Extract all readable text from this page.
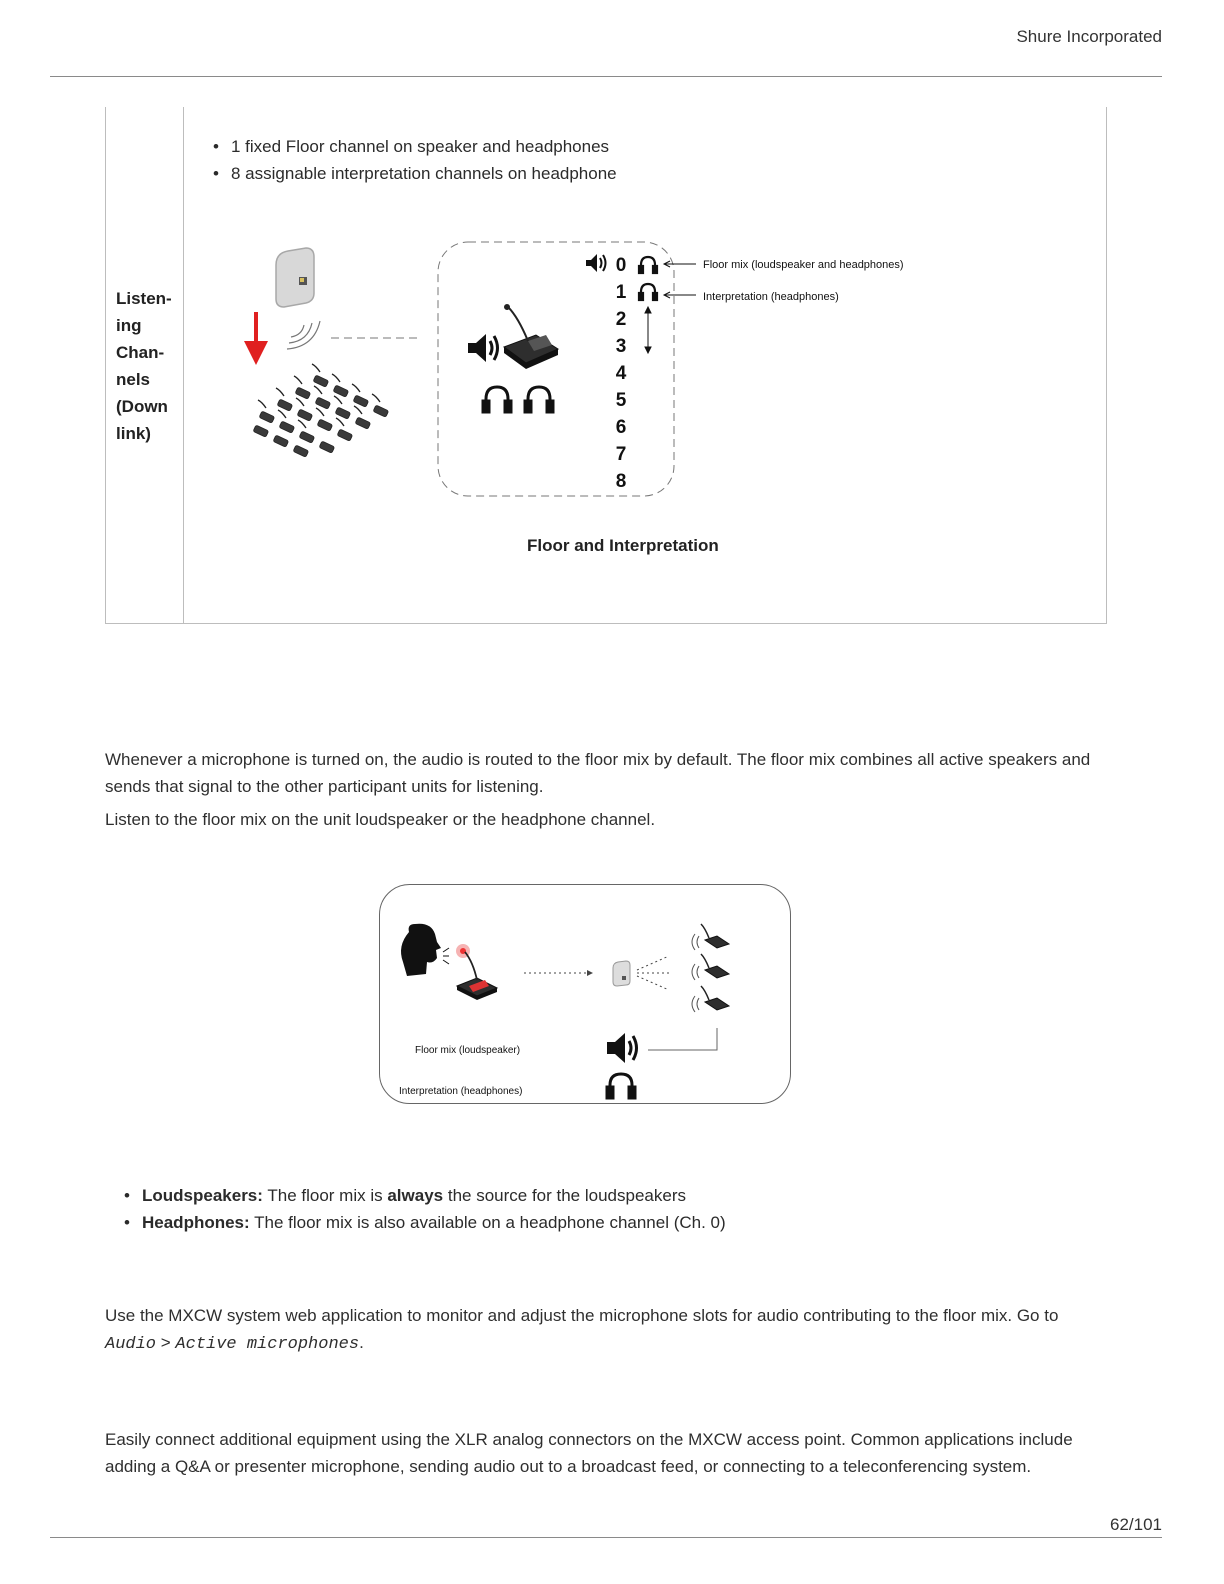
Shure Incorporated
Listen-
ing
Chan-
nels
(Down
link)
• 1 fixed Floor channel on speaker and headphones
• 8 assignable interpretation channels on headphone
0
1
2
3
4
5
6
7
8
Floor mix (loudspeaker and headphones)
Interpretation (headphones)
Floor and Interpretation

Whenever a microphone is turned on, the audio is routed to the floor mix by default. The floor mix combines all active speakers and sends that signal to the other participant units for listening.

Listen to the floor mix on the unit loudspeaker or the headphone channel.

Floor mix (loudspeaker)
Interpretation (headphones)
• Loudspeakers: The floor mix is always the source for the loudspeakers
• Headphones: The floor mix is also available on a headphone channel (Ch. 0)

Use the MXCW system web application to monitor and adjust the microphone slots for audio contributing to the floor mix. Go to
Audio > Active microphones.

Easily connect additional equipment using the XLR analog connectors on the MXCW access point. Common applications include adding a Q&A or presenter microphone, sending audio out to a broadcast feed, or connecting to a teleconferencing system.

62/101
